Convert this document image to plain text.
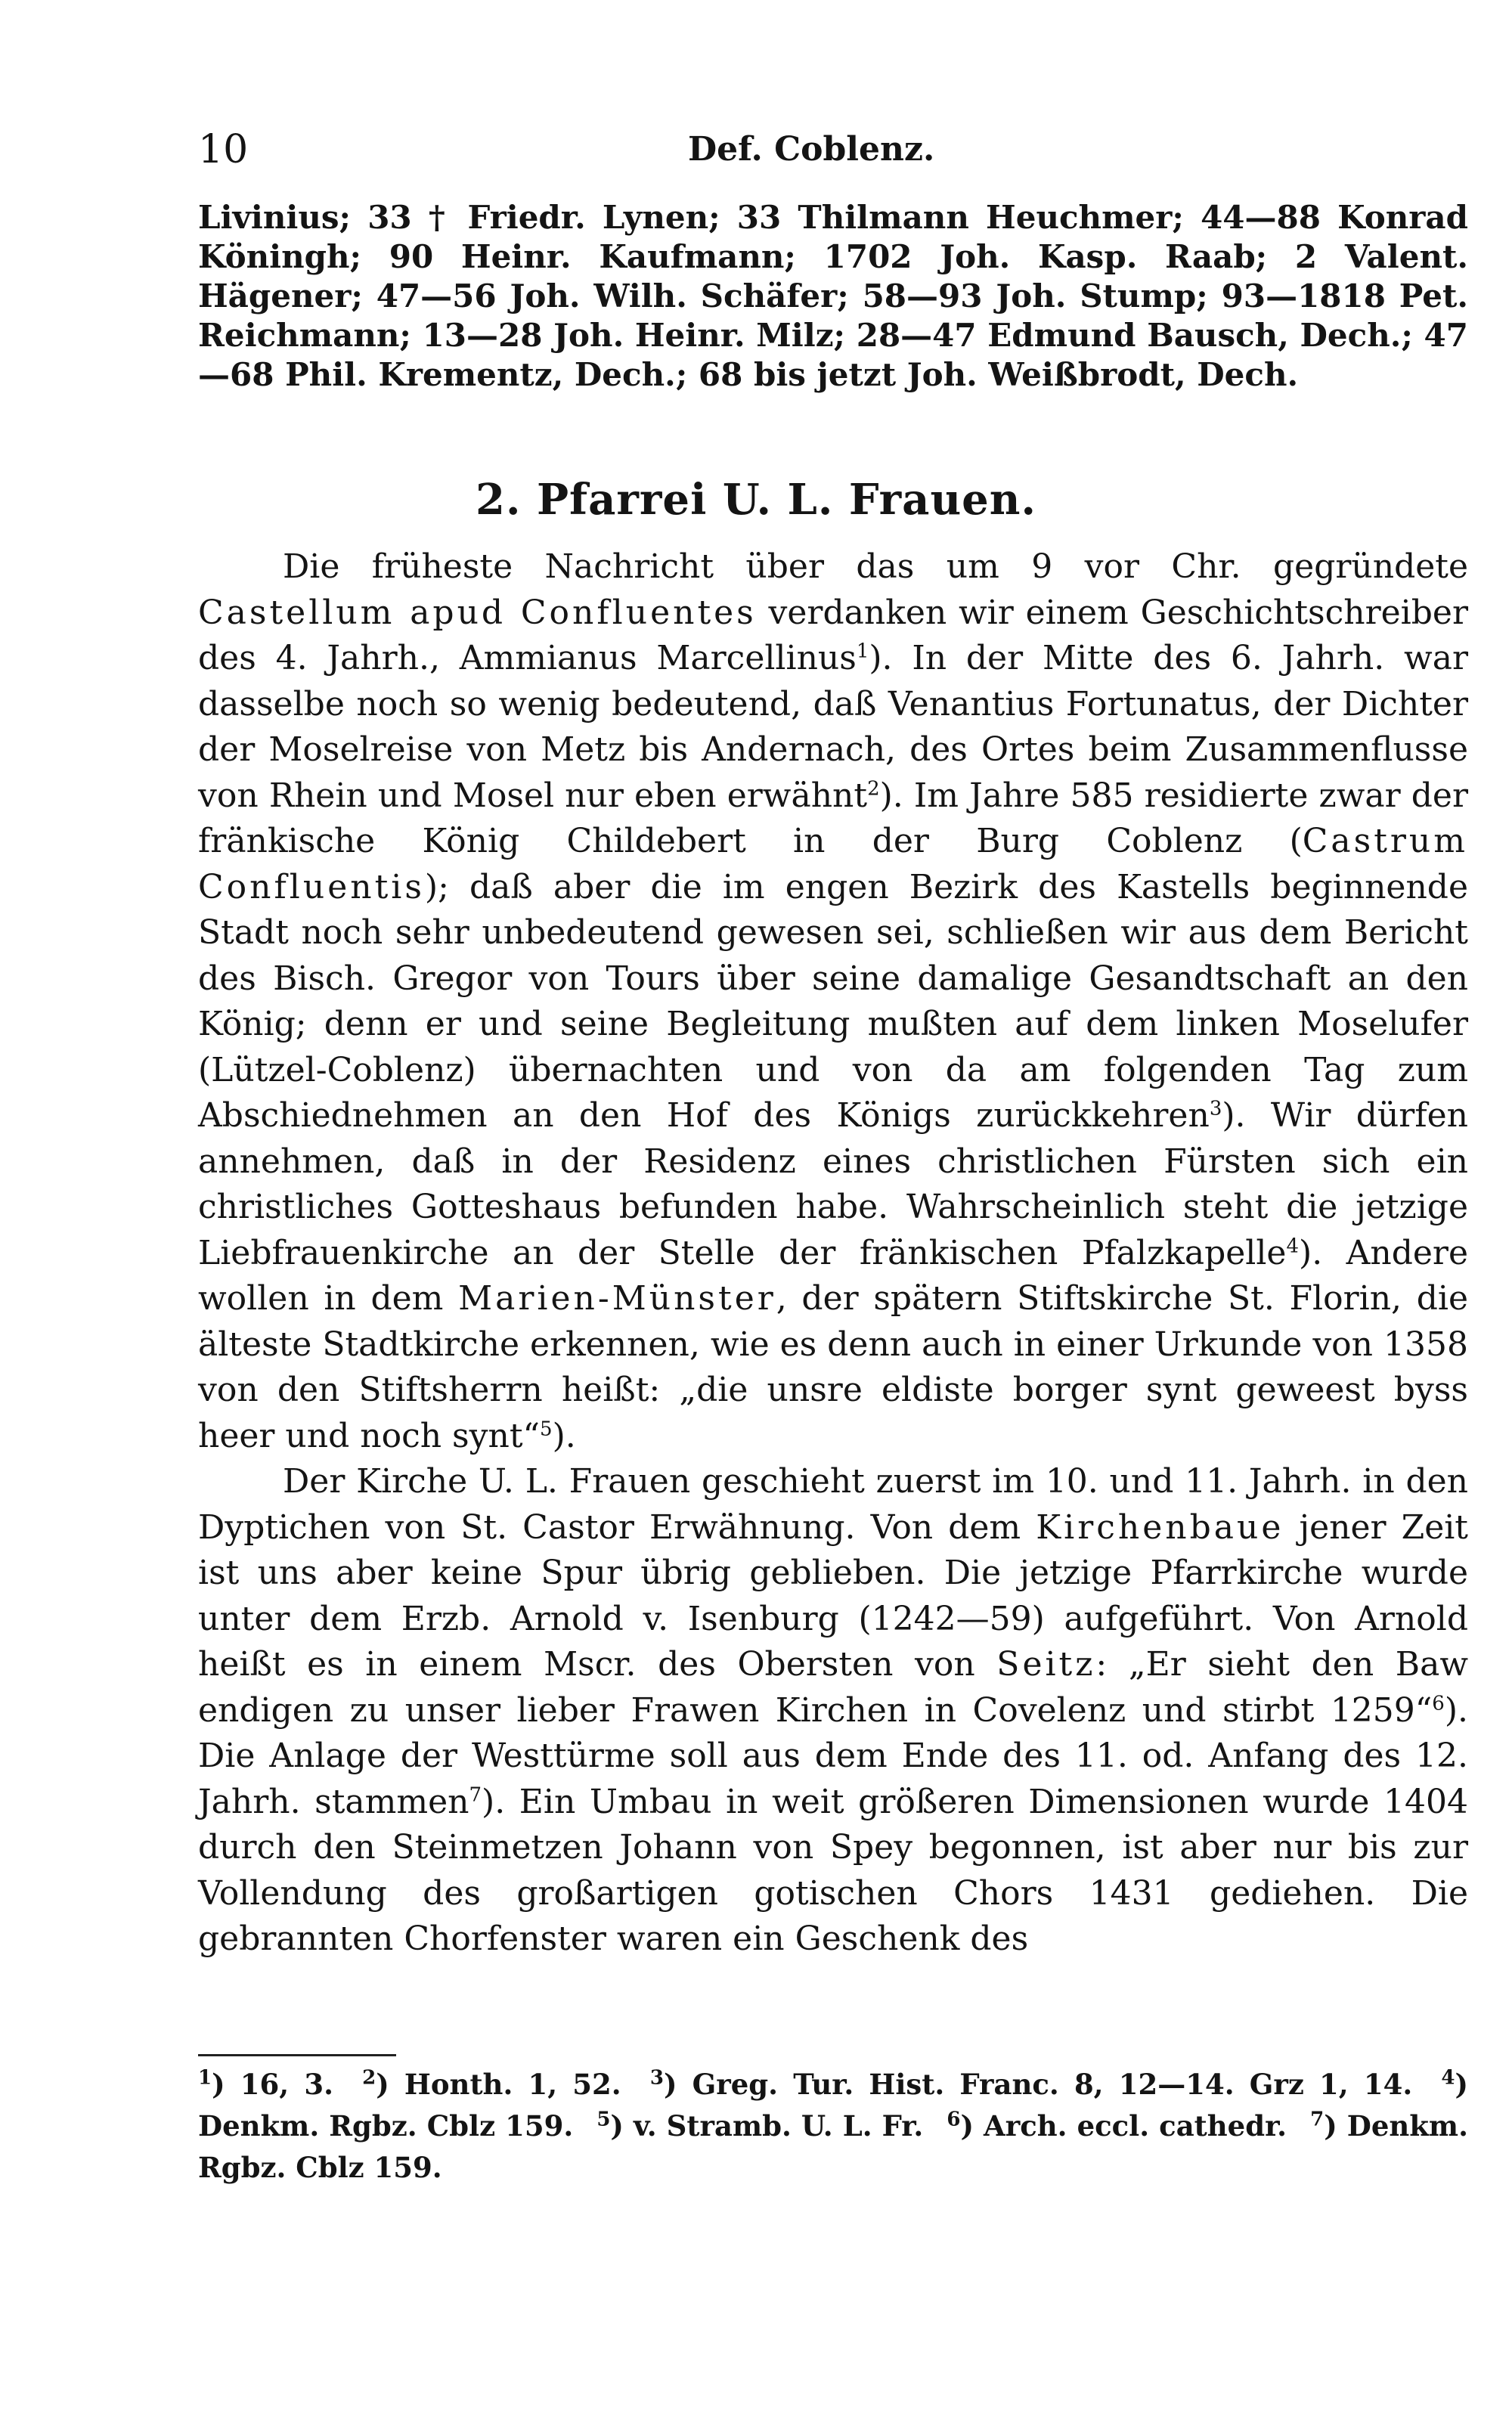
10	Def. Coblenz.
Livinius; 33 † Friedr. Lynen; 33 Thilmann Heuchmer; 44—88 Konrad Köningh; 90 Heinr. Kaufmann; 1702 Joh. Kasp. Raab; 2 Valent. Hägener; 47—56 Joh. Wilh. Schäfer; 58—93 Joh. Stump; 93—1818 Pet. Reichmann; 13—28 Joh. Heinr. Milz; 28—47 Edmund Bausch, Dech.; 47—68 Phil. Krementz, Dech.; 68 bis jetzt Joh. Weißbrodt, Dech.
2. Pfarrei U. L. Frauen.

Die früheste Nachricht über das um 9 vor Chr. gegründete Castellum apud Confluentes verdanken wir einem Geschichtschreiber des 4. Jahrh., Ammianus Marcellinus$^1$). In der Mitte des 6. Jahrh. war dasselbe noch so wenig bedeutend, daß Venantius Fortunatus, der Dichter der Moselreise von Metz bis Andernach, des Ortes beim Zusammenflusse von Rhein und Mosel nur eben erwähnt$^2$). Im Jahre 585 residierte zwar der fränkische König Childebert in der Burg Coblenz (Castrum Confluentis); daß aber die im engen Bezirk des Kastells beginnende Stadt noch sehr unbedeutend gewesen sei, schließen wir aus dem Bericht des Bisch. Gregor von Tours über seine damalige Gesandtschaft an den König; denn er und seine Begleitung mußten auf dem linken Moselufer (Lützel-Coblenz) übernachten und von da am folgenden Tag zum Abschiednehmen an den Hof des Königs zurückkehren$^3$). Wir dürfen annehmen, daß in der Residenz eines christlichen Fürsten sich ein christliches Gotteshaus befunden habe. Wahrscheinlich steht die jetzige Liebfrauenkirche an der Stelle der fränkischen Pfalzkapelle$^4$). Andere wollen in dem Marien-Münster, der spätern Stiftskirche St. Florin, die älteste Stadtkirche erkennen, wie es denn auch in einer Urkunde von 1358 von den Stiftsherrn heißt: „die unsre eldiste borger synt geweest byss heer und noch synt“$^5$).

Der Kirche U. L. Frauen geschieht zuerst im 10. und 11. Jahrh. in den Dyptichen von St. Castor Erwähnung. Von dem Kirchenbaue jener Zeit ist uns aber keine Spur übrig geblieben. Die jetzige Pfarrkirche wurde unter dem Erzb. Arnold v. Isenburg (1242—59) aufgeführt. Von Arnold heißt es in einem Mscr. des Obersten von Seitz: „Er sieht den Baw endigen zu unser lieber Frawen Kirchen in Covelenz und stirbt 1259“$^6$). Die Anlage der Westtürme soll aus dem Ende des 11. od. Anfang des 12. Jahrh. stammen$^7$). Ein Umbau in weit größeren Dimensionen wurde 1404 durch den Steinmetzen Johann von Spey begonnen, ist aber nur bis zur Vollendung des großartigen gotischen Chors 1431 gediehen. Die gebrannten Chorfenster waren ein Geschenk des

$^1$) 16, 3. $^2$) Honth. 1, 52. $^3$) Greg. Tur. Hist. Franc. 8, 12—14. Grz 1, 14. $^4$) Denkm. Rgbz. Cblz 159. $^5$) v. Stramb. U. L. Fr. $^6$) Arch. eccl. cathedr. $^7$) Denkm. Rgbz. Cblz 159.
